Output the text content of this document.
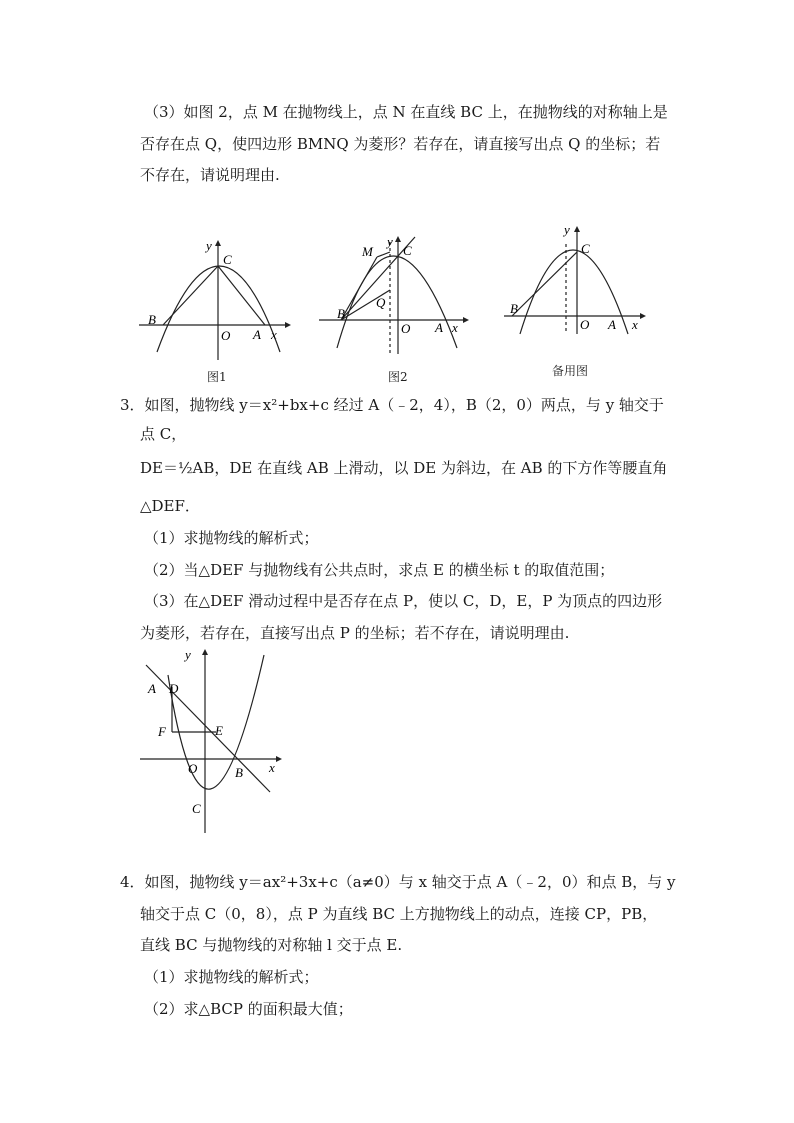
（3）如图 2，点 M 在抛物线上，点 N 在直线 BC 上，在抛物线的对称轴上是
否存在点 Q，使四边形 BMNQ 为菱形？若存在，请直接写出点 Q 的坐标；若
不存在，请说明理由.
y
C
B
O A x
图1
y
C
M
Q
B
O A x
图2
y
C
B
O A x
备用图
3．如图，抛物线 y＝x²+bx+c 经过 A（﹣2，4），B（2，0）两点，与 y 轴交于
点 C，
DE＝½AB，DE 在直线 AB 上滑动，以 DE 为斜边，在 AB 的下方作等腰直角
△DEF．
（1）求抛物线的解析式；
（2）当△DEF 与抛物线有公共点时，求点 E 的横坐标 t 的取值范围；
（3）在△DEF 滑动过程中是否存在点 P，使以 C，D，E，P 为顶点的四边形
为菱形，若存在，直接写出点 P 的坐标；若不存在，请说明理由.
y
A D
F	E
O	B x
C
4．如图，抛物线 y＝ax²+3x+c（a≠0）与 x 轴交于点 A（﹣2，0）和点 B，与 y
轴交于点 C（0，8），点 P 为直线 BC 上方抛物线上的动点，连接 CP，PB，
直线 BC 与抛物线的对称轴 l 交于点 E.
（1）求抛物线的解析式；
（2）求△BCP 的面积最大值；
